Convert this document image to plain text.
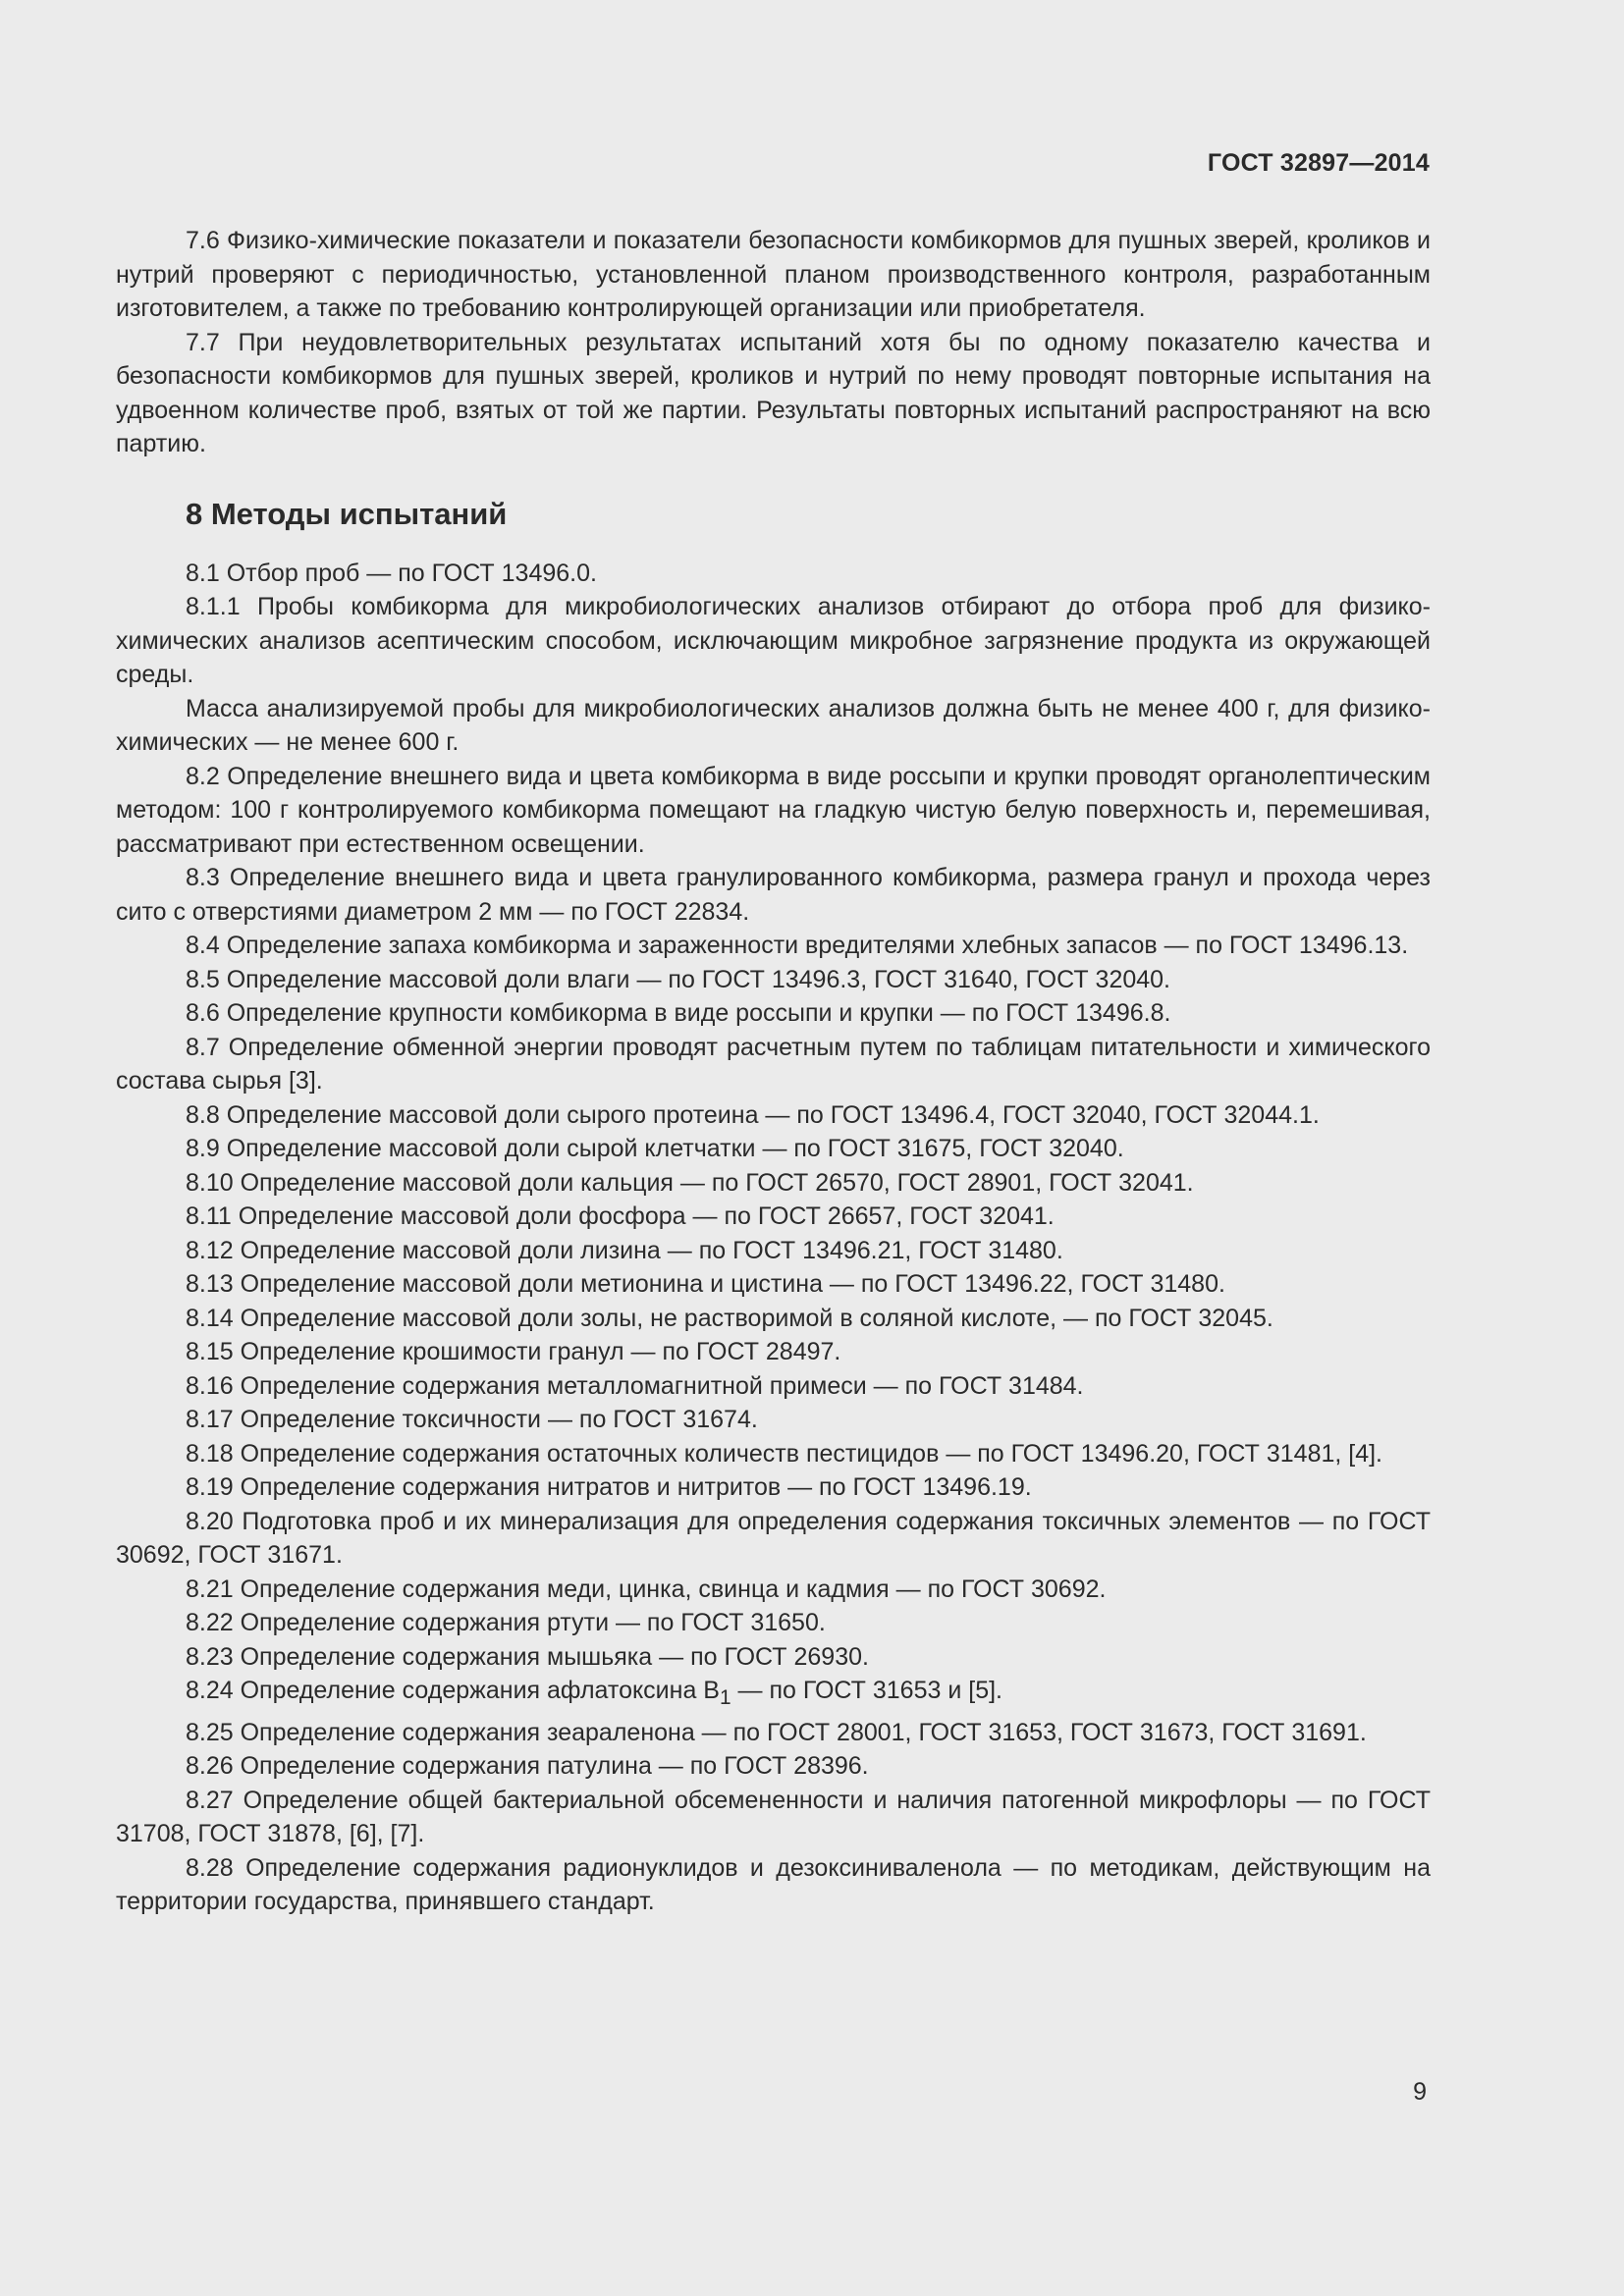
ГОСТ 32897—2014

7.6 Физико-химические показатели и показатели безопасности комбикормов для пушных зверей, кроликов и нутрий проверяют с периодичностью, установленной планом производственного контроля, разработанным изготовителем, а также по требованию контролирующей организации или приобретателя.

7.7 При неудовлетворительных результатах испытаний хотя бы по одному показателю качества и безопасности комбикормов для пушных зверей, кроликов и нутрий по нему проводят повторные испытания на удвоенном количестве проб, взятых от той же партии. Результаты повторных испытаний распространяют на всю партию.

8 Методы испытаний

8.1 Отбор проб — по ГОСТ 13496.0.

8.1.1 Пробы комбикорма для микробиологических анализов отбирают до отбора проб для физико-химических анализов асептическим способом, исключающим микробное загрязнение продукта из окружающей среды.

Масса анализируемой пробы для микробиологических анализов должна быть не менее 400 г, для физико-химических — не менее 600 г.

8.2 Определение внешнего вида и цвета комбикорма в виде россыпи и крупки проводят органолептическим методом: 100 г контролируемого комбикорма помещают на гладкую чистую белую поверхность и, перемешивая, рассматривают при естественном освещении.

8.3 Определение внешнего вида и цвета гранулированного комбикорма, размера гранул и прохода через сито с отверстиями диаметром 2 мм — по ГОСТ 22834.

8.4 Определение запаха комбикорма и зараженности вредителями хлебных запасов — по ГОСТ 13496.13.

8.5 Определение массовой доли влаги — по ГОСТ 13496.3, ГОСТ 31640, ГОСТ 32040.

8.6 Определение крупности комбикорма в виде россыпи и крупки — по ГОСТ 13496.8.

8.7 Определение обменной энергии проводят расчетным путем по таблицам питательности и химического состава сырья [3].

8.8 Определение массовой доли сырого протеина — по ГОСТ 13496.4, ГОСТ 32040, ГОСТ 32044.1.

8.9 Определение массовой доли сырой клетчатки — по ГОСТ 31675, ГОСТ 32040.

8.10 Определение массовой доли кальция — по ГОСТ 26570, ГОСТ 28901, ГОСТ 32041.

8.11 Определение массовой доли фосфора — по ГОСТ 26657, ГОСТ 32041.

8.12 Определение массовой доли лизина — по ГОСТ 13496.21, ГОСТ 31480.

8.13 Определение массовой доли метионина и цистина — по ГОСТ 13496.22, ГОСТ 31480.

8.14 Определение массовой доли золы, не растворимой в соляной кислоте, — по ГОСТ 32045.

8.15 Определение крошимости гранул — по ГОСТ 28497.

8.16 Определение содержания металломагнитной примеси — по ГОСТ 31484.

8.17 Определение токсичности — по ГОСТ 31674.

8.18 Определение содержания остаточных количеств пестицидов — по ГОСТ 13496.20, ГОСТ 31481, [4].

8.19 Определение содержания нитратов и нитритов — по ГОСТ 13496.19.

8.20 Подготовка проб и их минерализация для определения содержания токсичных элементов — по ГОСТ 30692, ГОСТ 31671.

8.21 Определение содержания меди, цинка, свинца и кадмия — по ГОСТ 30692.

8.22 Определение содержания ртути — по ГОСТ 31650.

8.23 Определение содержания мышьяка — по ГОСТ 26930.

8.24 Определение содержания афлатоксина $B_1$ — по ГОСТ 31653 и [5].

8.25 Определение содержания зеараленона — по ГОСТ 28001, ГОСТ 31653, ГОСТ 31673, ГОСТ 31691.

8.26 Определение содержания патулина — по ГОСТ 28396.

8.27 Определение общей бактериальной обсемененности и наличия патогенной микрофлоры — по ГОСТ 31708, ГОСТ 31878, [6], [7].

8.28 Определение содержания радионуклидов и дезоксиниваленола — по методикам, действующим на территории государства, принявшего стандарт.

9
